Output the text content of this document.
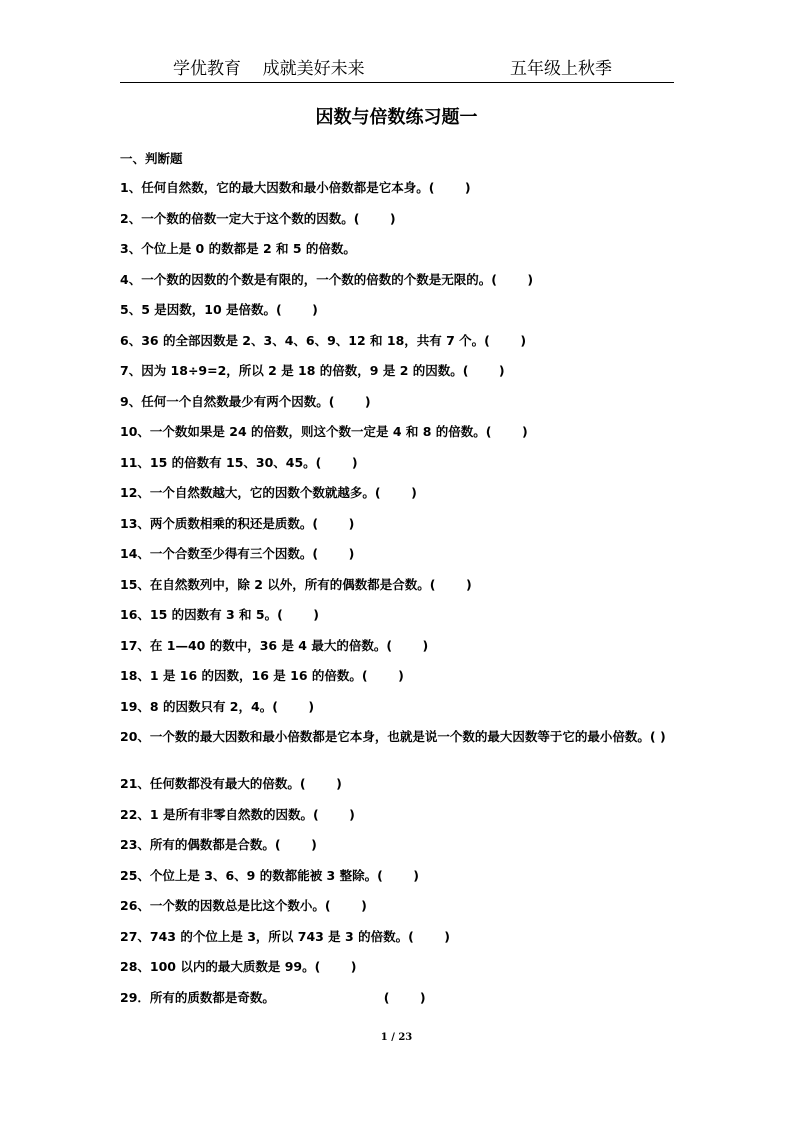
学优教育    成就美好未来	五年级上秋季
因数与倍数练习题一
一、判断题
1、任何自然数，它的最大因数和最小倍数都是它本身。(       )
2、一个数的倍数一定大于这个数的因数。(       )
3、个位上是 0 的数都是 2 和 5 的倍数。
4、一个数的因数的个数是有限的，一个数的倍数的个数是无限的。(       )
5、5 是因数，10 是倍数。(       )
6、36 的全部因数是 2、3、4、6、9、12 和 18，共有 7 个。(       )
7、因为 18÷9=2，所以 2 是 18 的倍数，9 是 2 的因数。(       )
9、任何一个自然数最少有两个因数。(       )
10、一个数如果是 24 的倍数，则这个数一定是 4 和 8 的倍数。(       )
11、15 的倍数有 15、30、45。(       )
12、一个自然数越大，它的因数个数就越多。(       )
13、两个质数相乘的积还是质数。(       )
14、一个合数至少得有三个因数。(       )
15、在自然数列中，除 2 以外，所有的偶数都是合数。(       )
16、15 的因数有 3 和 5。(       )
17、在 1—40 的数中，36 是 4 最大的倍数。(       )
18、1 是 16 的因数，16 是 16 的倍数。(       )
19、8 的因数只有 2，4。(       )
20、一个数的最大因数和最小倍数都是它本身，也就是说一个数的最大因数等于它的最小倍数。( )
21、任何数都没有最大的倍数。(       )
22、1 是所有非零自然数的因数。(       )
23、所有的偶数都是合数。(       )
25、个位上是 3、6、9 的数都能被 3 整除。(       )
26、一个数的因数总是比这个数小。(       )
27、743 的个位上是 3，所以 743 是 3 的倍数。(       )
28、100 以内的最大质数是 99。(       )
29．所有的质数都是奇数。                         (       )
1 / 23
